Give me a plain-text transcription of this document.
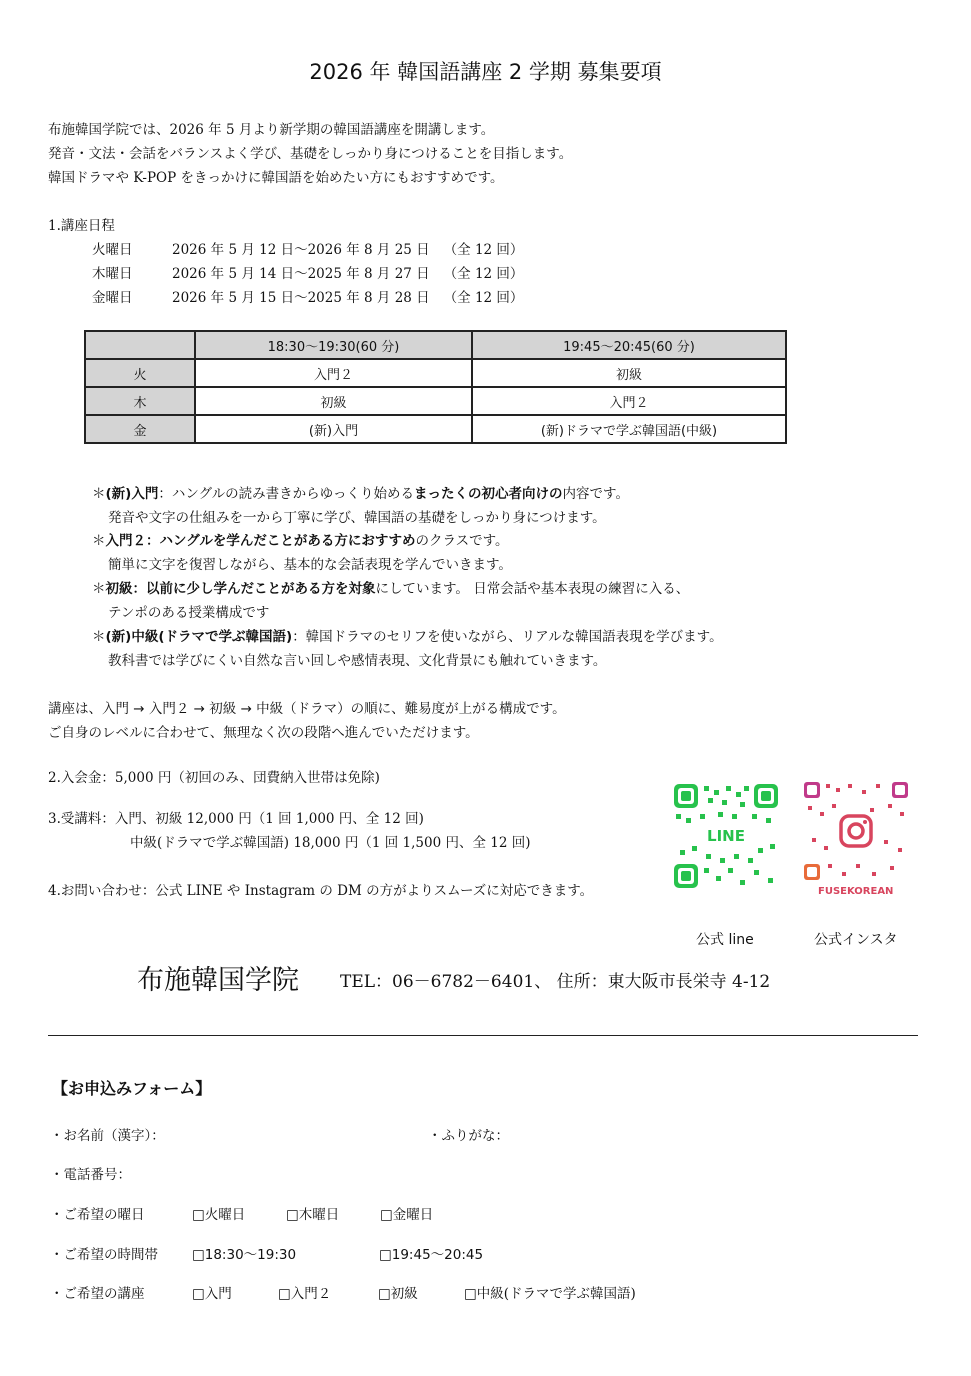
2026 年 韓国語講座 2 学期 募集要項
布施韓国学院では、2026 年 5 月より新学期の韓国語講座を開講します。
発音・文法・会話をバランスよく学び、基礎をしっかり身につけることを目指します。
韓国ドラマや K-POP をきっかけに韓国語を始めたい方にもおすすめです。
1.講座日程
火曜日	2026 年 5 月 12 日～2026 年 8 月 25 日 （全 12 回）
木曜日	2026 年 5 月 14 日～2025 年 8 月 27 日 （全 12 回）
金曜日	2026 年 5 月 15 日～2025 年 8 月 28 日 （全 12 回）
	18:30～19:30(60 分)	19:45～20:45(60 分)
火	入門２	初級
木	初級	入門２
金	(新)入門	(新)ドラマで学ぶ韓国語(中級)
＊(新)入門：ハングルの読み書きからゆっくり始めるまったくの初心者向けの内容です。
発音や文字の仕組みを一から丁寧に学び、韓国語の基礎をしっかり身につけます。
＊入門２：ハングルを学んだことがある方におすすめのクラスです。
簡単に文字を復習しながら、基本的な会話表現を学んでいきます。
＊初級：以前に少し学んだことがある方を対象にしています。 日常会話や基本表現の練習に入る、
テンポのある授業構成です
＊(新)中級(ドラマで学ぶ韓国語)：韓国ドラマのセリフを使いながら、リアルな韓国語表現を学びます。
教科書では学びにくい自然な言い回しや感情表現、文化背景にも触れていきます。
講座は、入門 → 入門２ → 初級 → 中級（ドラマ）の順に、難易度が上がる構成です。
ご自身のレベルに合わせて、無理なく次の段階へ進んでいただけます。
2.入会金：5,000 円（初回のみ、団費納入世帯は免除)
3.受講料：入門、初級 12,000 円（1 回 1,000 円、全 12 回)
中級(ドラマで学ぶ韓国語) 18,000 円（1 回 1,500 円、全 12 回)
4.お問い合わせ：公式 LINE や Instagram の DM の方がよりスムーズに対応できます。
LINE
FUSEKOREAN
公式 line	公式インスタ
布施韓国学院 TEL：06－6782－6401、 住所：東大阪市長栄寺 4-12
【お申込みフォーム】
・お名前（漢字）：	・ふりがな：
・電話番号：
・ご希望の曜日	□火曜日	□木曜日	□金曜日
・ご希望の時間帯	□18:30～19:30	□19:45～20:45
・ご希望の講座	□入門	□入門２	□初級	□中級(ドラマで学ぶ韓国語)
